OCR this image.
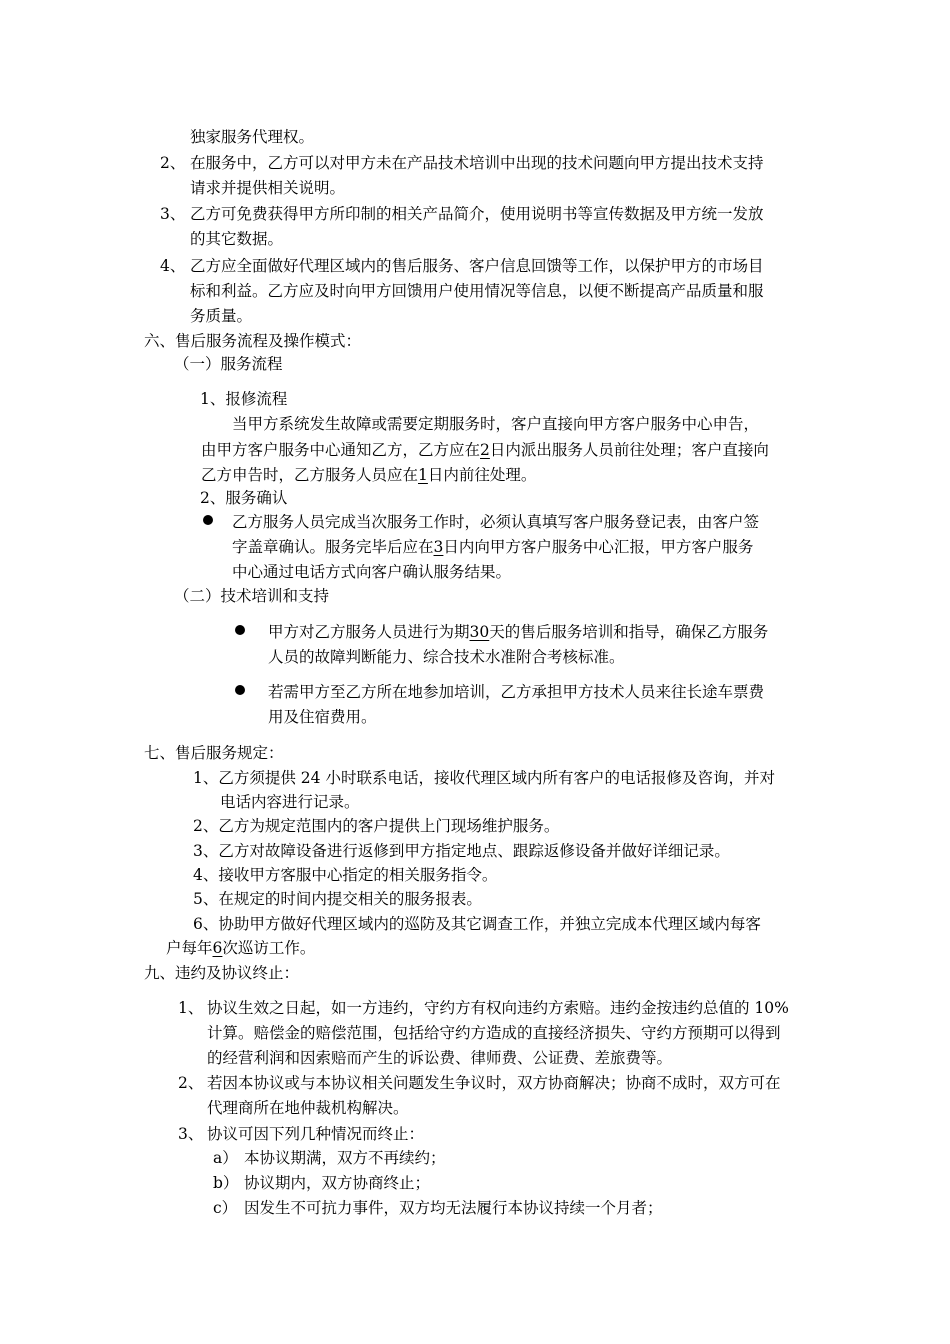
独家服务代理权。
2、 在服务中，乙方可以对甲方未在产品技术培训中出现的技术问题向甲方提出技术支持
请求并提供相关说明。
3、 乙方可免费获得甲方所印制的相关产品简介，使用说明书等宣传数据及甲方统一发放
的其它数据。
4、 乙方应全面做好代理区域内的售后服务、客户信息回馈等工作，以保护甲方的市场目
标和利益。乙方应及时向甲方回馈用户使用情况等信息，以便不断提高产品质量和服
务质量。
六、售后服务流程及操作模式：
（一）服务流程
1、报修流程
当甲方系统发生故障或需要定期服务时，客户直接向甲方客户服务中心申告，
由甲方客户服务中心通知乙方，乙方应在2日内派出服务人员前往处理；客户直接向
乙方申告时，乙方服务人员应在1日内前往处理。
2、服务确认
乙方服务人员完成当次服务工作时，必须认真填写客户服务登记表，由客户签
字盖章确认。服务完毕后应在3日内向甲方客户服务中心汇报，甲方客户服务
中心通过电话方式向客户确认服务结果。
（二）技术培训和支持
甲方对乙方服务人员进行为期30天的售后服务培训和指导，确保乙方服务
人员的故障判断能力、综合技术水准附合考核标准。
若需甲方至乙方所在地参加培训，乙方承担甲方技术人员来往长途车票费
用及住宿费用。
七、售后服务规定：
1、乙方须提供 24 小时联系电话，接收代理区域内所有客户的电话报修及咨询，并对
电话内容进行记录。
2、乙方为规定范围内的客户提供上门现场维护服务。
3、乙方对故障设备进行返修到甲方指定地点、跟踪返修设备并做好详细记录。
4、接收甲方客服中心指定的相关服务指令。
5、在规定的时间内提交相关的服务报表。
6、协助甲方做好代理区域内的巡防及其它调查工作，并独立完成本代理区域内每客
户每年6次巡访工作。
九、违约及协议终止：
1、 协议生效之日起，如一方违约，守约方有权向违约方索赔。违约金按违约总值的 10%
计算。赔偿金的赔偿范围，包括给守约方造成的直接经济损失、守约方预期可以得到
的经营利润和因索赔而产生的诉讼费、律师费、公证费、差旅费等。
2、 若因本协议或与本协议相关问题发生争议时，双方协商解决；协商不成时，双方可在
代理商所在地仲裁机构解决。
3、 协议可因下列几种情况而终止：
a） 本协议期满，双方不再续约；
b） 协议期内，双方协商终止；
c） 因发生不可抗力事件，双方均无法履行本协议持续一个月者；
